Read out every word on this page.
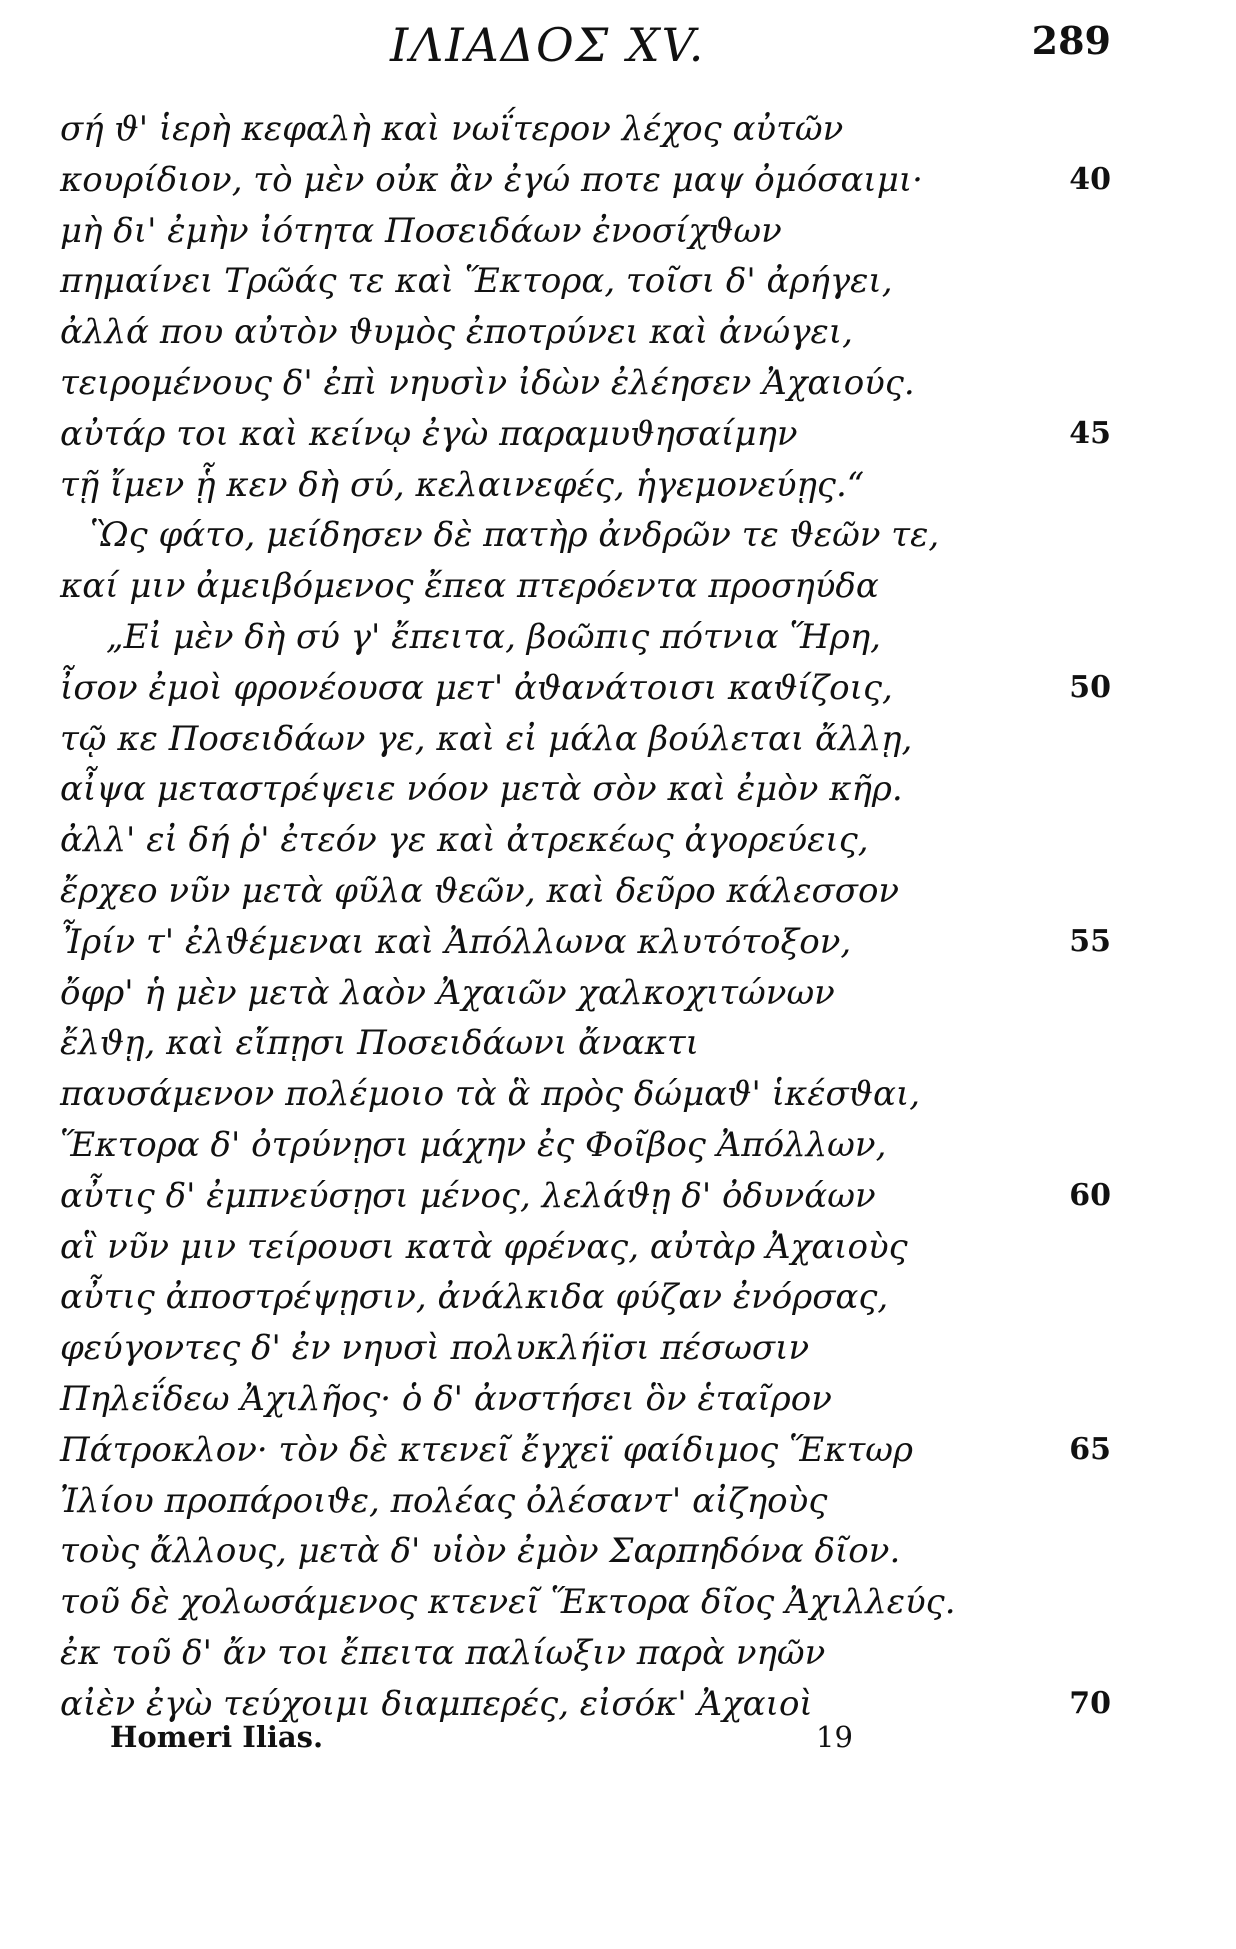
ΙΛΙΑΔΟΣ XV.	289
σή ϑ' ἱερὴ κεφαλὴ καὶ νωΐτερον λέχος αὐτῶν
κουρίδιον, τὸ μὲν οὐκ ἂν ἐγώ ποτε μαψ ὀμόσαιμι·	40
μὴ δι' ἐμὴν ἰότητα Ποσειδάων ἐνοσίχϑων
πημαίνει Τρῶάς τε καὶ Ἕκτορα, τοῖσι δ' ἀρήγει,
ἀλλά που αὐτὸν ϑυμὸς ἐποτρύνει καὶ ἀνώγει,
τειρομένους δ' ἐπὶ νηυσὶν ἰδὼν ἐλέησεν Ἀχαιούς.
αὐτάρ τοι καὶ κείνῳ ἐγὼ παραμυϑησαίμην	45
τῇ ἴμεν ᾗ κεν δὴ σύ, κελαινεφές, ἡγεμονεύῃς.“
Ὣς φάτο, μείδησεν δὲ πατὴρ ἀνδρῶν τε ϑεῶν τε,
καί μιν ἀμειβόμενος ἔπεα πτερόεντα προσηύδα
„Εἰ μὲν δὴ σύ γ' ἔπειτα, βοῶπις πότνια Ἥρη,
ἶσον ἐμοὶ φρονέουσα μετ' ἀϑανάτοισι καϑίζοις,	50
τῷ κε Ποσειδάων γε, καὶ εἰ μάλα βούλεται ἄλλῃ,
αἶψα μεταστρέψειε νόον μετὰ σὸν καὶ ἐμὸν κῆρ.
ἀλλ' εἰ δή ῥ' ἐτεόν γε καὶ ἀτρεκέως ἀγορεύεις,
ἔρχεο νῦν μετὰ φῦλα ϑεῶν, καὶ δεῦρο κάλεσσον
Ἶρίν τ' ἐλϑέμεναι καὶ Ἀπόλλωνα κλυτότοξον,	55
ὄφρ' ἡ μὲν μετὰ λαὸν Ἀχαιῶν χαλκοχιτώνων
ἔλϑῃ, καὶ εἴπῃσι Ποσειδάωνι ἄνακτι
παυσάμενον πολέμοιο τὰ ἃ πρὸς δώμαϑ' ἱκέσϑαι,
Ἕκτορα δ' ὀτρύνῃσι μάχην ἐς Φοῖβος Ἀπόλλων,
αὖτις δ' ἐμπνεύσῃσι μένος, λελάϑῃ δ' ὀδυνάων	60
αἳ νῦν μιν τείρουσι κατὰ φρένας, αὐτὰρ Ἀχαιοὺς
αὖτις ἀποστρέψῃσιν, ἀνάλκιδα φύζαν ἐνόρσας,
φεύγοντες δ' ἐν νηυσὶ πολυκλήϊσι πέσωσιν
Πηλεΐδεω Ἀχιλῆος· ὁ δ' ἀνστήσει ὃν ἑταῖρον
Πάτροκλον· τὸν δὲ κτενεῖ ἔγχεϊ φαίδιμος Ἕκτωρ	65
Ἰλίου προπάροιϑε, πολέας ὀλέσαντ' αἰζηοὺς
τοὺς ἄλλους, μετὰ δ' υἱὸν ἐμὸν Σαρπηδόνα δῖον.
τοῦ δὲ χολωσάμενος κτενεῖ Ἕκτορα δῖος Ἀχιλλεύς.
ἐκ τοῦ δ' ἄν τοι ἔπειτα παλίωξιν παρὰ νηῶν
αἰὲν ἐγὼ τεύχοιμι διαμπερές, εἰσόκ' Ἀχαιοὶ	70
Homeri Ilias.	19
